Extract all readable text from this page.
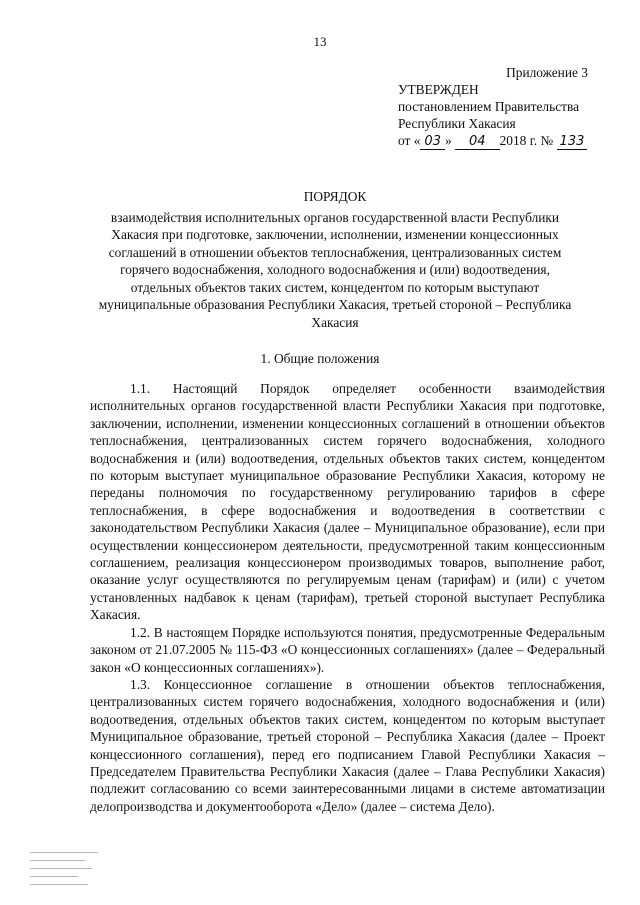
13
Приложение 3
УТВЕРЖДЕН
постановлением Правительства
Республики Хакасия
от « 03 » 04 2018 г. № 133
ПОРЯДОК
взаимодействия исполнительных органов государственной власти Республики
Хакасия при подготовке, заключении, исполнении, изменении концессионных
соглашений в отношении объектов теплоснабжения, централизованных систем
горячего водоснабжения, холодного водоснабжения и (или) водоотведения,
отдельных объектов таких систем, концедентом по которым выступают
муниципальные образования Республики Хакасия, третьей стороной – Республика
Хакасия
1. Общие положения

1.1. Настоящий Порядок определяет особенности взаимодействия исполнительных органов государственной власти Республики Хакасия при подготовке, заключении, исполнении, изменении концессионных соглашений в отношении объектов теплоснабжения, централизованных систем горячего водоснабжения, холодного водоснабжения и (или) водоотведения, отдельных объектов таких систем, концедентом по которым выступает муниципальное образование Республики Хакасия, которому не переданы полномочия по государственному регулированию тарифов в сфере теплоснабжения, в сфере водоснабжения и водоотведения в соответствии с законодательством Республики Хакасия (далее – Муниципальное образование), если при осуществлении концессионером деятельности, предусмотренной таким концессионным соглашением, реализация концессионером производимых товаров, выполнение работ, оказание услуг осуществляются по регулируемым ценам (тарифам) и (или) с учетом установленных надбавок к ценам (тарифам), третьей стороной выступает Республика Хакасия.

1.2. В настоящем Порядке используются понятия, предусмотренные Федеральным законом от 21.07.2005 № 115-ФЗ «О концессионных соглашениях» (далее – Федеральный закон «О концессионных соглашениях»).

1.3. Концессионное соглашение в отношении объектов теплоснабжения, централизованных систем горячего водоснабжения, холодного водоснабжения и (или) водоотведения, отдельных объектов таких систем, концедентом по которым выступает Муниципальное образование, третьей стороной – Республика Хакасия (далее – Проект концессионного соглашения), перед его подписанием Главой Республики Хакасия – Председателем Правительства Республики Хакасия (далее – Глава Республики Хакасия) подлежит согласованию со всеми заинтересованными лицами в системе автоматизации делопроизводства и документооборота «Дело» (далее – система Дело).
